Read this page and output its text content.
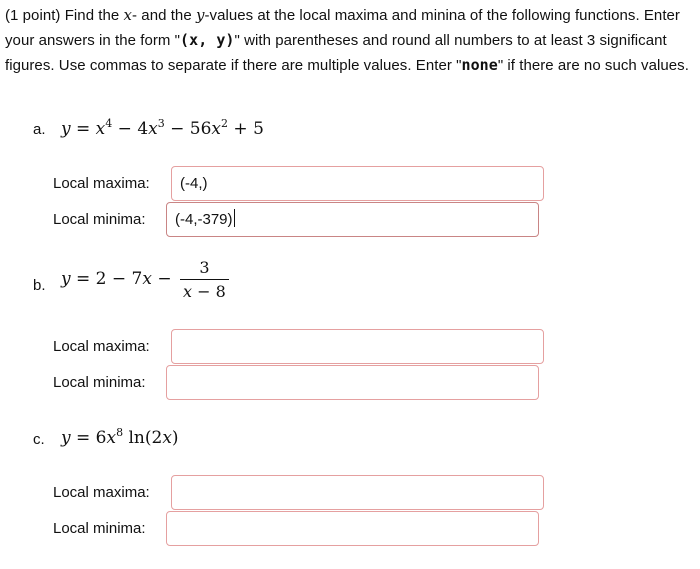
(1 point) Find the x- and the y-values at the local maxima and minina of the following functions. Enter your answers in the form "(x, y)" with parentheses and round all numbers to at least 3 significant figures. Use commas to separate if there are multiple values. Enter "none" if there are no such values.
a. $y = x^4 - 4x^3 - 56x^2 + 5$
Local maxima:	(-4,)
Local minima:	(-4,-379)
b. $y = 2 - 7x - \frac{3}{x - 8}$
Local maxima:
Local minima:
c. $y = 6x^8$ ln(2x)
Local maxima:
Local minima:
